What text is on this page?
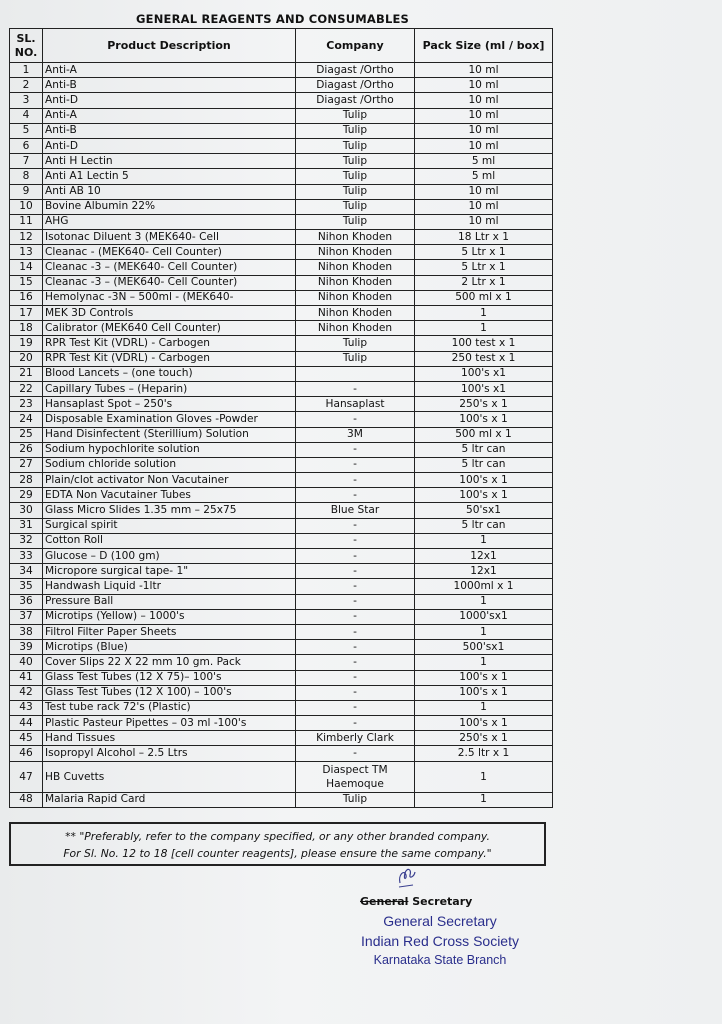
GENERAL REAGENTS AND CONSUMABLES
SL.
NO.	Product Description	Company	Pack Size (ml / box]
1	Anti-A	Diagast /Ortho	10 ml
2	Anti-B	Diagast /Ortho	10 ml
3	Anti-D	Diagast /Ortho	10 ml
4	Anti-A	Tulip	10 ml
5	Anti-B	Tulip	10 ml
6	Anti-D	Tulip	10 ml
7	Anti H Lectin	Tulip	5 ml
8	Anti A1 Lectin 5	Tulip	5 ml
9	Anti AB 10	Tulip	10 ml
10	Bovine Albumin 22%	Tulip	10 ml
11	AHG	Tulip	10 ml
12	Isotonac Diluent 3 (MEK640- Cell	Nihon Khoden	18 Ltr x 1
13	Cleanac - (MEK640- Cell Counter)	Nihon Khoden	5 Ltr x 1
14	Cleanac -3 – (MEK640- Cell Counter)	Nihon Khoden	5 Ltr x 1
15	Cleanac -3 – (MEK640- Cell Counter)	Nihon Khoden	2 Ltr x 1
16	Hemolynac -3N – 500ml - (MEK640-	Nihon Khoden	500 ml x 1
17	MEK 3D Controls	Nihon Khoden	1
18	Calibrator (MEK640 Cell Counter)	Nihon Khoden	1
19	RPR Test Kit (VDRL) - Carbogen	Tulip	100 test x 1
20	RPR Test Kit (VDRL) - Carbogen	Tulip	250 test x 1
21	Blood Lancets – (one touch)		100's x1
22	Capillary Tubes – (Heparin)	-	100's x1
23	Hansaplast Spot – 250's	Hansaplast	250's x 1
24	Disposable Examination Gloves -Powder	-	100's x 1
25	Hand Disinfectent (Sterillium) Solution	3M	500 ml x 1
26	Sodium hypochlorite solution	-	5 ltr can
27	Sodium chloride solution	-	5 ltr can
28	Plain/clot activator Non Vacutainer	-	100's x 1
29	EDTA Non Vacutainer Tubes	-	100's x 1
30	Glass Micro Slides 1.35 mm – 25x75	Blue Star	50'sx1
31	Surgical spirit	-	5 ltr can
32	Cotton Roll	-	1
33	Glucose – D (100 gm)	-	12x1
34	Micropore surgical tape- 1"	-	12x1
35	Handwash Liquid -1ltr	-	1000ml x 1
36	Pressure Ball	-	1
37	Microtips (Yellow) – 1000's	-	1000'sx1
38	Filtrol Filter Paper Sheets	-	1
39	Microtips (Blue)	-	500'sx1
40	Cover Slips 22 X 22 mm 10 gm. Pack	-	1
41	Glass Test Tubes (12 X 75)– 100's	-	100's x 1
42	Glass Test Tubes (12 X 100) – 100's	-	100's x 1
43	Test tube rack 72's (Plastic)	-	1
44	Plastic Pasteur Pipettes – 03 ml -100's	-	100's x 1
45	Hand Tissues	Kimberly Clark	250's x 1
46	Isopropyl Alcohol – 2.5 Ltrs	-	2.5 ltr x 1
47	HB Cuvetts	Diaspect TM Haemoque	1
48	Malaria Rapid Card	Tulip	1
** "Preferably, refer to the company specified, or any other branded company.
For Sl. No. 12 to 18 [cell counter reagents], please ensure the same company."
General Secretary
General Secretary
Indian Red Cross Society
Karnataka State Branch
